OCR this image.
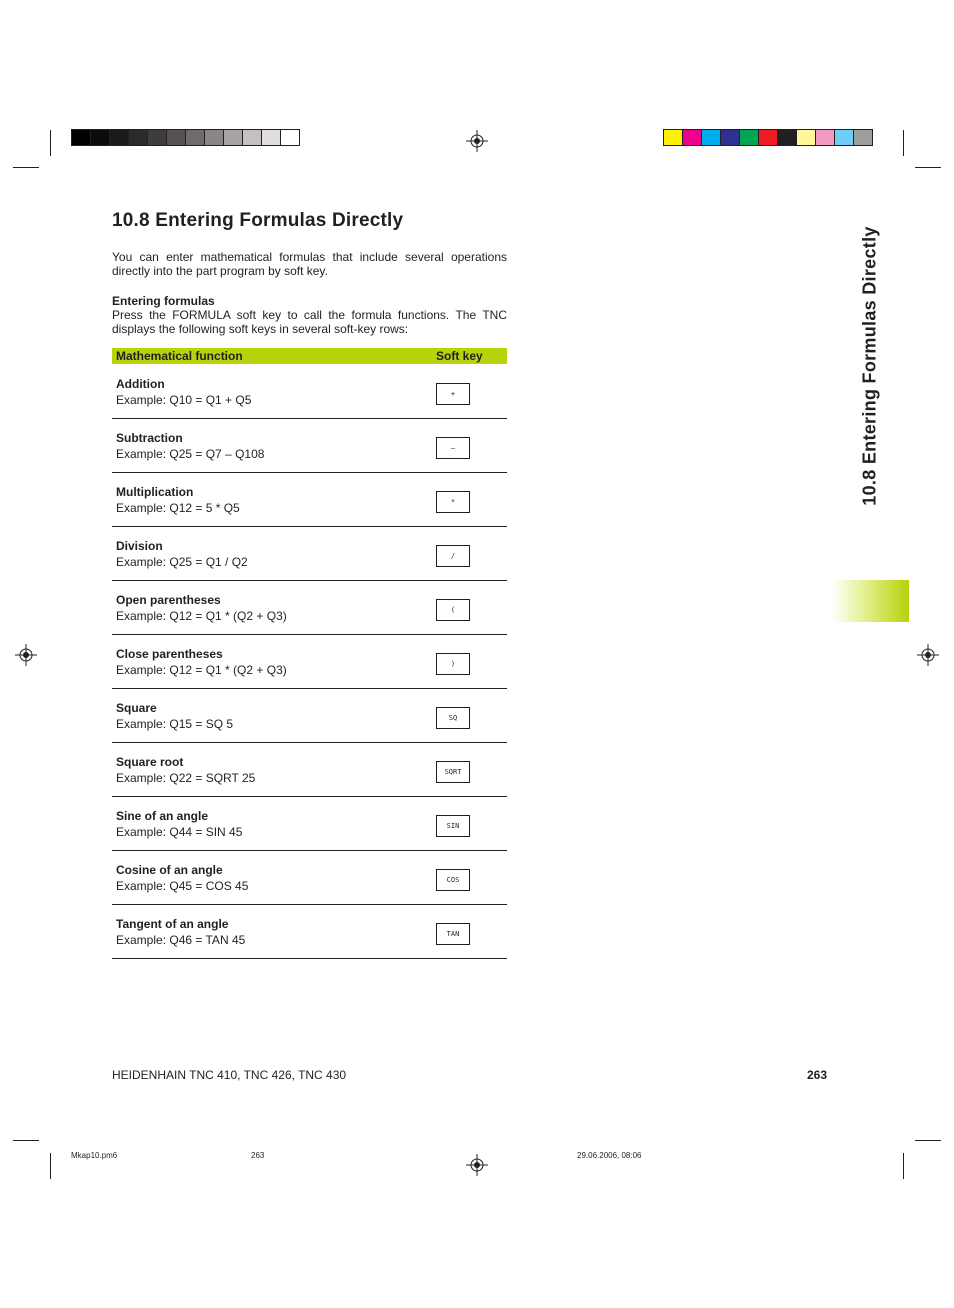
10.8 Entering Formulas Directly
You can enter mathematical formulas that include several operations directly into the part program by soft key.
Entering formulas
Press the FORMULA soft key to call the formula functions. The TNC displays the following soft keys in several soft-key rows:
Mathematical function	Soft key
Addition
Example: Q10 = Q1 + Q5	+
Subtraction
Example: Q25 = Q7 – Q108	–
Multiplication
Example: Q12 = 5 * Q5	*
Division
Example: Q25 = Q1 / Q2	/
Open parentheses
Example: Q12 = Q1 * (Q2 + Q3)	(
Close parentheses
Example: Q12 = Q1 * (Q2 + Q3)	)
Square
Example: Q15 = SQ 5	SQ
Square root
Example: Q22 = SQRT 25	SQRT
Sine of an angle
Example: Q44 = SIN 45	SIN
Cosine of an angle
Example: Q45 = COS 45	COS
Tangent of an angle
Example: Q46 = TAN 45	TAN
10.8 Entering Formulas Directly
HEIDENHAIN TNC 410, TNC 426, TNC 430	263
Mkap10.pm6	263	29.06.2006, 08:06
